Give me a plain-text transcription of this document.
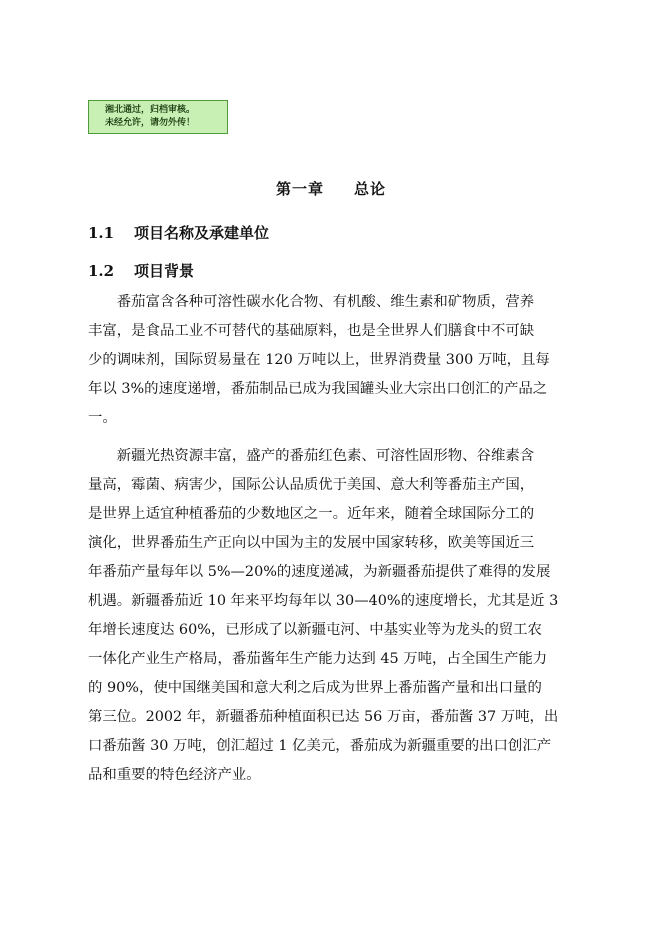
湘北通过，归档审核。
未经允许，请勿外传！
第一章 总论
1.1 项目名称及承建单位
1.2 项目背景
　　番茄富含各种可溶性碳水化合物、有机酸、维生素和矿物质，营养
丰富，是食品工业不可替代的基础原料，也是全世界人们膳食中不可缺
少的调味剂，国际贸易量在 120 万吨以上，世界消费量 300 万吨，且每
年以 3%的速度递增，番茄制品已成为我国罐头业大宗出口创汇的产品之
一。
　　新疆光热资源丰富，盛产的番茄红色素、可溶性固形物、谷维素含
量高，霉菌、病害少，国际公认品质优于美国、意大利等番茄主产国，
是世界上适宜种植番茄的少数地区之一。近年来，随着全球国际分工的
演化，世界番茄生产正向以中国为主的发展中国家转移，欧美等国近三
年番茄产量每年以 5%—20%的速度递减，为新疆番茄提供了难得的发展
机遇。新疆番茄近 10 年来平均每年以 30—40%的速度增长，尤其是近 3
年增长速度达 60%，已形成了以新疆屯河、中基实业等为龙头的贸工农
一体化产业生产格局，番茄酱年生产能力达到 45 万吨，占全国生产能力
的 90%，使中国继美国和意大利之后成为世界上番茄酱产量和出口量的
第三位。2002 年，新疆番茄种植面积已达 56 万亩，番茄酱 37 万吨，出
口番茄酱 30 万吨，创汇超过 1 亿美元，番茄成为新疆重要的出口创汇产
品和重要的特色经济产业。
